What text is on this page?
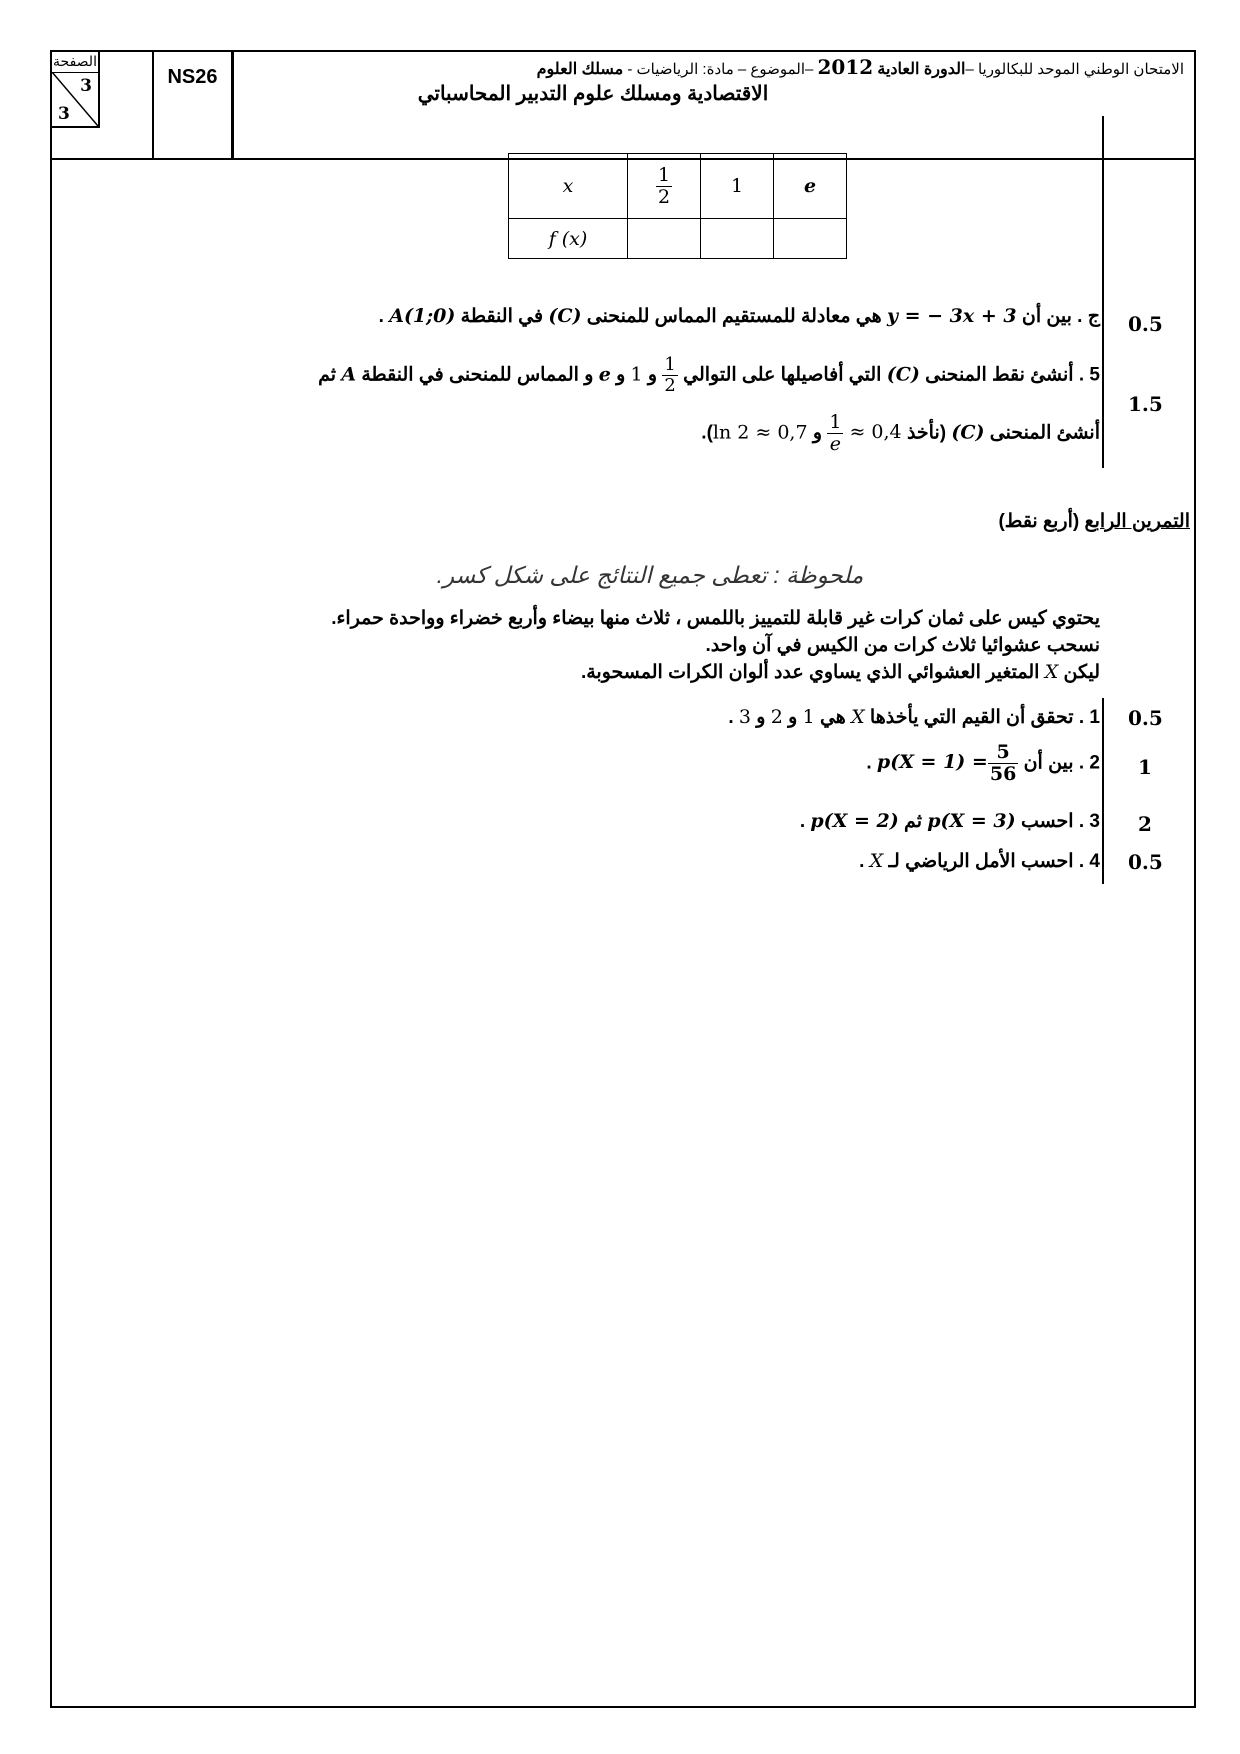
الصفحة
3
3
NS26	الامتحان الوطني الموحد للبكالوريا –الدورة العادية 2012 –الموضوع – مادة: الرياضيات - مسلك العلوم
الاقتصادية ومسلك علوم التدبير المحاسباتي
x	$\frac{1}{2}$	1	e
f (x)			
0.5
ج . بين أن y = − 3x + 3 هي معادلة للمستقيم المماس للمنحنى (C) في النقطة A(1;0) .
1.5
5 . أنشئ نقط المنحنى (C) التي أفاصيلها على التوالي
$\frac{1}{2}$
و 1 و e و المماس للمنحنى في النقطة A ثم
أنشئ المنحنى (C) (نأخذ
$\frac{1}{e} \approx 0,4$ و ln 2 ≈ 0,7).
التمرين الرابع (أربع نقط)
ملحوظة : تعطى جميع النتائج على شكل كسر.
يحتوي كيس على ثمان كرات غير قابلة للتمييز باللمس ، ثلاث منها بيضاء وأربع خضراء وواحدة حمراء.
نسحب عشوائيا ثلاث كرات من الكيس في آن واحد.
ليكن X المتغير العشوائي الذي يساوي عدد ألوان الكرات المسحوبة.
0.5
1 . تحقق أن القيم التي يأخذها X هي 1 و 2 و 3 .
1
2 . بين أن $p(X = 1) = \frac{5}{56}$
.
2
3 . احسب p(X = 3) ثم p(X = 2) .
0.5
4 . احسب الأمل الرياضي لـ X .
